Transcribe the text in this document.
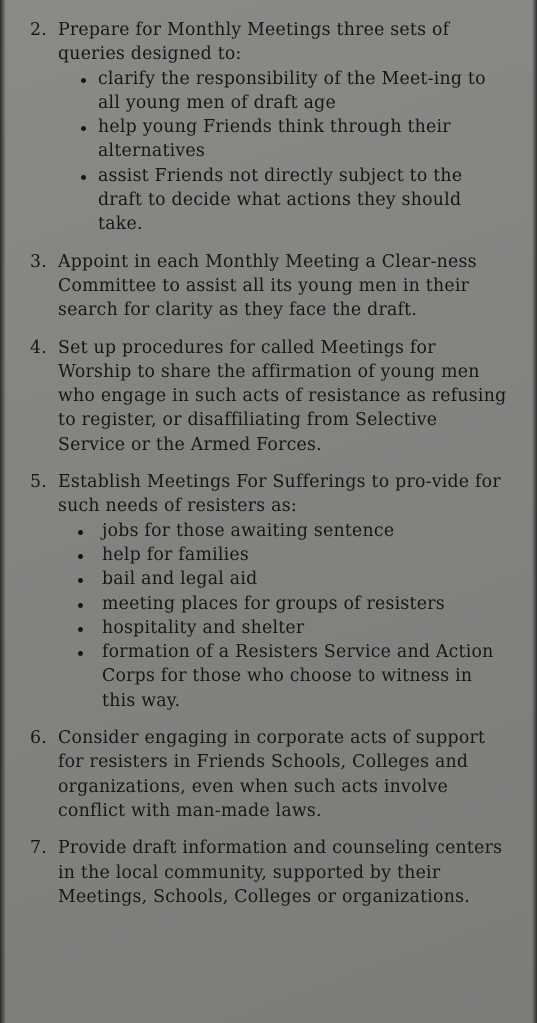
2. Prepare for Monthly Meetings three sets of queries designed to:
clarify the responsibility of the Meet-ing to all young men of draft age
help young Friends think through their alternatives
assist Friends not directly subject to the draft to decide what actions they should take.
3. Appoint in each Monthly Meeting a Clear-ness Committee to assist all its young men in their search for clarity as they face the draft.
4. Set up procedures for called Meetings for Worship to share the affirmation of young men who engage in such acts of resistance as refusing to register, or disaffiliating from Selective Service or the Armed Forces.
5. Establish Meetings For Sufferings to pro-vide for such needs of resisters as:
jobs for those awaiting sentence
help for families
bail and legal aid
meeting places for groups of resisters
hospitality and shelter
formation of a Resisters Service and Action Corps for those who choose to witness in this way.
6. Consider engaging in corporate acts of support for resisters in Friends Schools, Colleges and organizations, even when such acts involve conflict with man-made laws.
7. Provide draft information and counseling centers in the local community, supported by their Meetings, Schools, Colleges or organizations.
